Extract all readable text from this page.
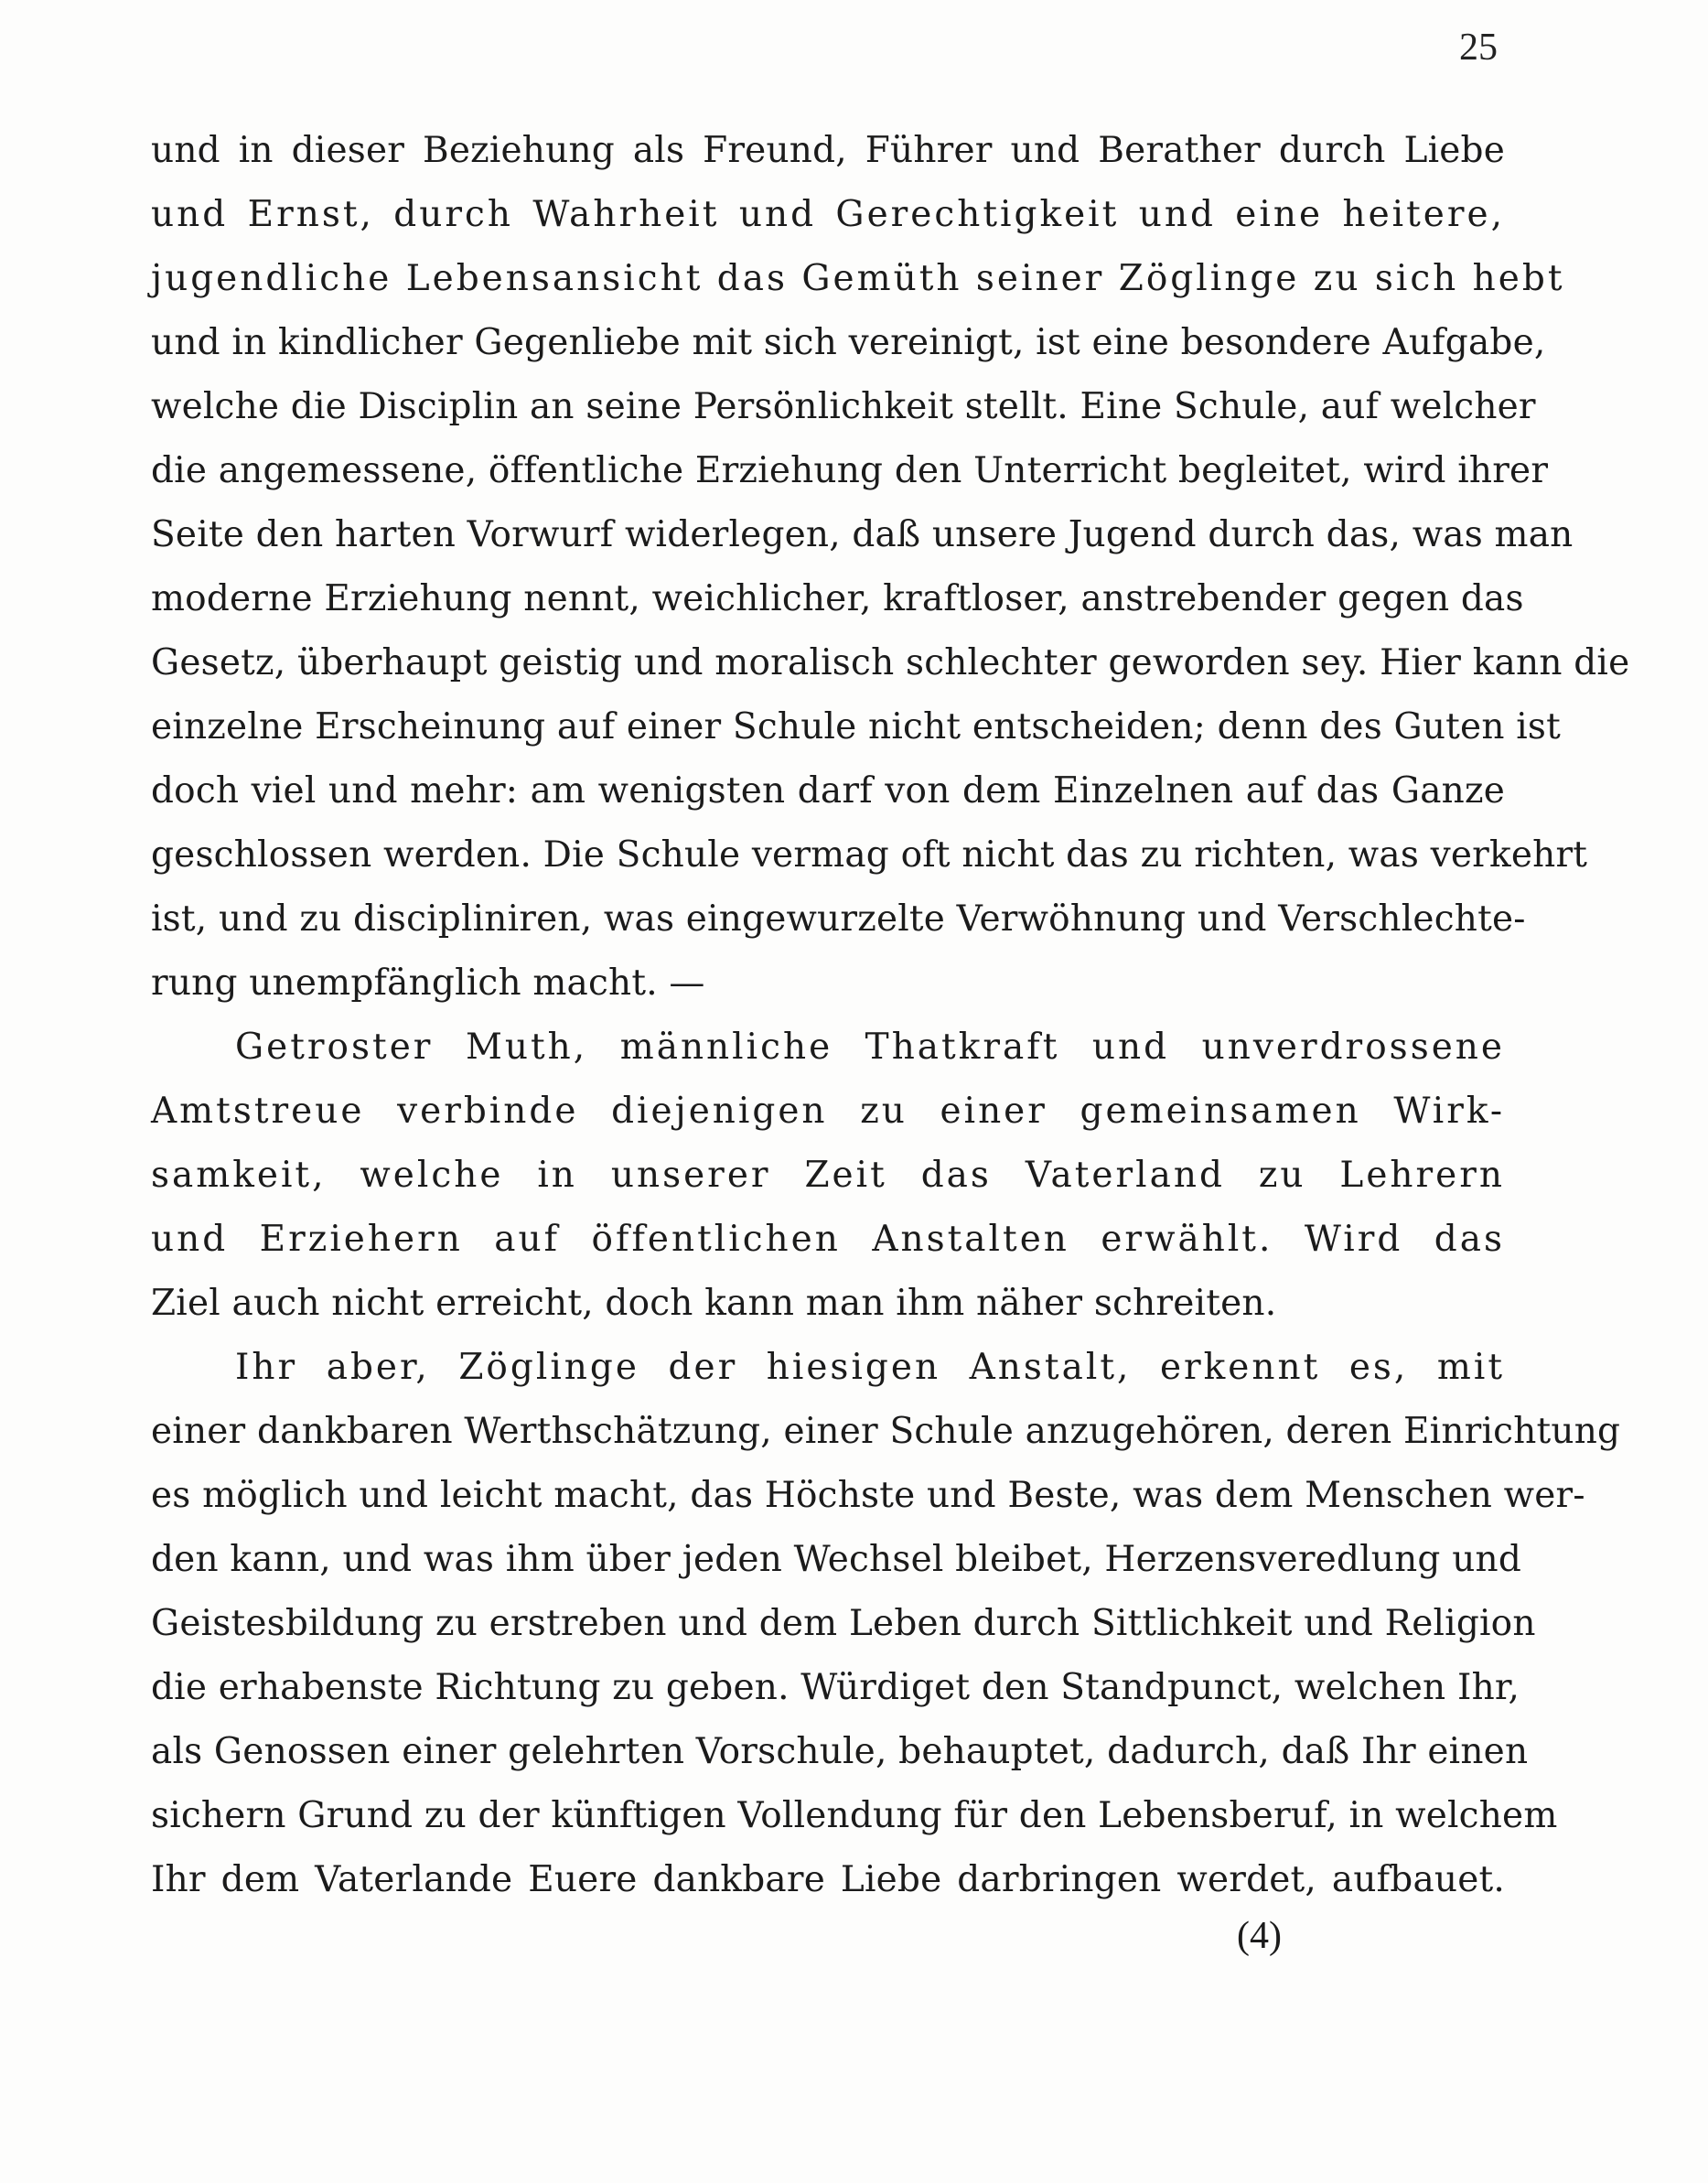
25
und in dieser Beziehung als Freund, Führer und Berather durch Liebe
und Ernst, durch Wahrheit und Gerechtigkeit und eine heitere,
jugendliche Lebensansicht das Gemüth seiner Zöglinge zu sich hebt
und in kindlicher Gegenliebe mit sich vereinigt, ist eine besondere Aufgabe,
welche die Disciplin an seine Persönlichkeit stellt. Eine Schule, auf welcher
die angemessene, öffentliche Erziehung den Unterricht begleitet, wird ihrer
Seite den harten Vorwurf widerlegen, daß unsere Jugend durch das, was man
moderne Erziehung nennt, weichlicher, kraftloser, anstrebender gegen das
Gesetz, überhaupt geistig und moralisch schlechter geworden sey. Hier kann die
einzelne Erscheinung auf einer Schule nicht entscheiden; denn des Guten ist
doch viel und mehr: am wenigsten darf von dem Einzelnen auf das Ganze
geschlossen werden. Die Schule vermag oft nicht das zu richten, was verkehrt
ist, und zu discipliniren, was eingewurzelte Verwöhnung und Verschlechte-
rung unempfänglich macht. —
Getroster Muth, männliche Thatkraft und unverdrossene
Amtstreue verbinde diejenigen zu einer gemeinsamen Wirk-
samkeit, welche in unserer Zeit das Vaterland zu Lehrern
und Erziehern auf öffentlichen Anstalten erwählt. Wird das
Ziel auch nicht erreicht, doch kann man ihm näher schreiten.
Ihr aber, Zöglinge der hiesigen Anstalt, erkennt es, mit
einer dankbaren Werthschätzung, einer Schule anzugehören, deren Einrichtung
es möglich und leicht macht, das Höchste und Beste, was dem Menschen wer-
den kann, und was ihm über jeden Wechsel bleibet, Herzensveredlung und
Geistesbildung zu erstreben und dem Leben durch Sittlichkeit und Religion
die erhabenste Richtung zu geben. Würdiget den Standpunct, welchen Ihr,
als Genossen einer gelehrten Vorschule, behauptet, dadurch, daß Ihr einen
sichern Grund zu der künftigen Vollendung für den Lebensberuf, in welchem
Ihr dem Vaterlande Euere dankbare Liebe darbringen werdet, aufbauet.
(4)
